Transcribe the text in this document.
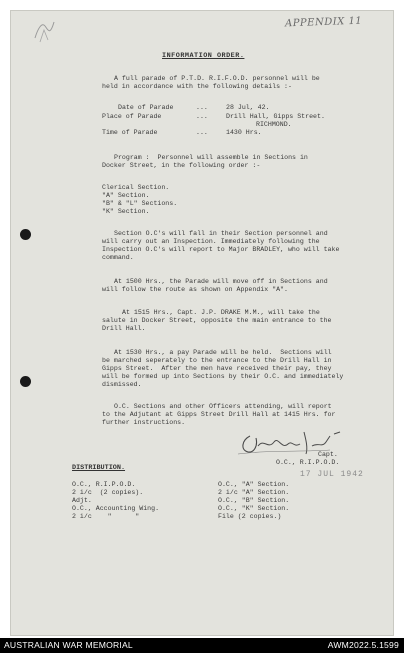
APPENDIX 11
INFORMATION ORDER.
A full parade of P.T.D. R.I.F.O.D. personnel will be
held in accordance with the following details :-
Date of Parade	...	28 Jul, 42.
Place of Parade	...	Drill Hall, Gipps Street.
RICHMOND.
Time of Parade	...	1430 Hrs.
Program :  Personnel will assemble in Sections in
Docker Street, in the following order :-
Clerical Section.
"A" Section.
"B" & "L" Sections.
"K" Section.
Section O.C's will fall in their Section personnel and
will carry out an Inspection. Immediately following the
Inspection O.C's will report to Major BRADLEY, who will take
command.
At 1500 Hrs., the Parade will move off in Sections and
will follow the route as shown on Appendix "A".
At 1515 Hrs., Capt. J.P. DRAKE M.M., will take the
salute in Docker Street, opposite the main entrance to the
Drill Hall.
At 1530 Hrs., a pay Parade will be held.  Sections will
be marched seperately to the entrance to the Drill Hall in
Gipps Street.  After the men have received their pay, they
will be formed up into Sections by their O.C. and immediately
dismissed.
O.C. Sections and other Officers attending, will report
to the Adjutant at Gipps Street Drill Hall at 1415 Hrs. for
further instructions.
Capt.
O.C., R.I.P.O.D.
17 JUL 1942
DISTRIBUTION.
O.C., R.I.P.O.D.
2 i/c  (2 copies).
Adjt.
O.C., Accounting Wing.
2 i/c    "      "
O.C., "A" Section.
2 i/c "A" Section.
O.C., "B" Section.
O.C., "K" Section.
File (2 copies.)
AUSTRALIAN WAR MEMORIAL	AWM2022.5.1599
